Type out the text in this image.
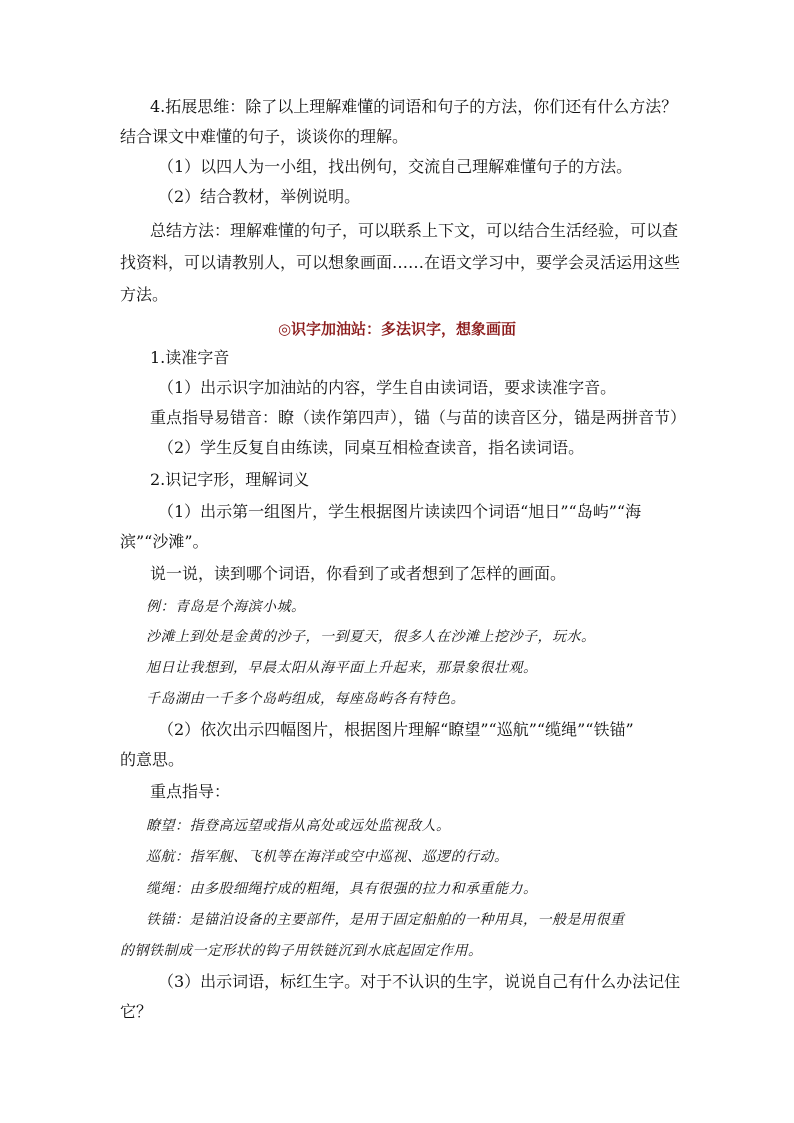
4.拓展思维：除了以上理解难懂的词语和句子的方法，你们还有什么方法？
结合课文中难懂的句子，谈谈你的理解。
（1）以四人为一小组，找出例句，交流自己理解难懂句子的方法。
（2）结合教材，举例说明。
总结方法：理解难懂的句子，可以联系上下文，可以结合生活经验，可以查
找资料，可以请教别人，可以想象画面……在语文学习中，要学会灵活运用这些
方法。
◎识字加油站：多法识字，想象画面
1.读准字音
（1）出示识字加油站的内容，学生自由读词语，要求读准字音。
重点指导易错音：瞭（读作第四声），锚（与苗的读音区分，锚是两拼音节）
（2）学生反复自由练读，同桌互相检查读音，指名读词语。
2.识记字形，理解词义
（1）出示第一组图片，学生根据图片读读四个词语“旭日”“岛屿”“海
滨”“沙滩”。
说一说，读到哪个词语，你看到了或者想到了怎样的画面。
例：青岛是个海滨小城。
沙滩上到处是金黄的沙子，一到夏天，很多人在沙滩上挖沙子，玩水。
旭日让我想到，早晨太阳从海平面上升起来，那景象很壮观。
千岛湖由一千多个岛屿组成，每座岛屿各有特色。
（2）依次出示四幅图片，根据图片理解“瞭望”“巡航”“缆绳”“铁锚”
的意思。
重点指导：
瞭望：指登高远望或指从高处或远处监视敌人。
巡航：指军舰、飞机等在海洋或空中巡视、巡逻的行动。
缆绳：由多股细绳拧成的粗绳，具有很强的拉力和承重能力。
铁锚：是锚泊设备的主要部件，是用于固定船舶的一种用具，一般是用很重
的钢铁制成一定形状的钩子用铁链沉到水底起固定作用。
（3）出示词语，标红生字。对于不认识的生字，说说自己有什么办法记住
它？
